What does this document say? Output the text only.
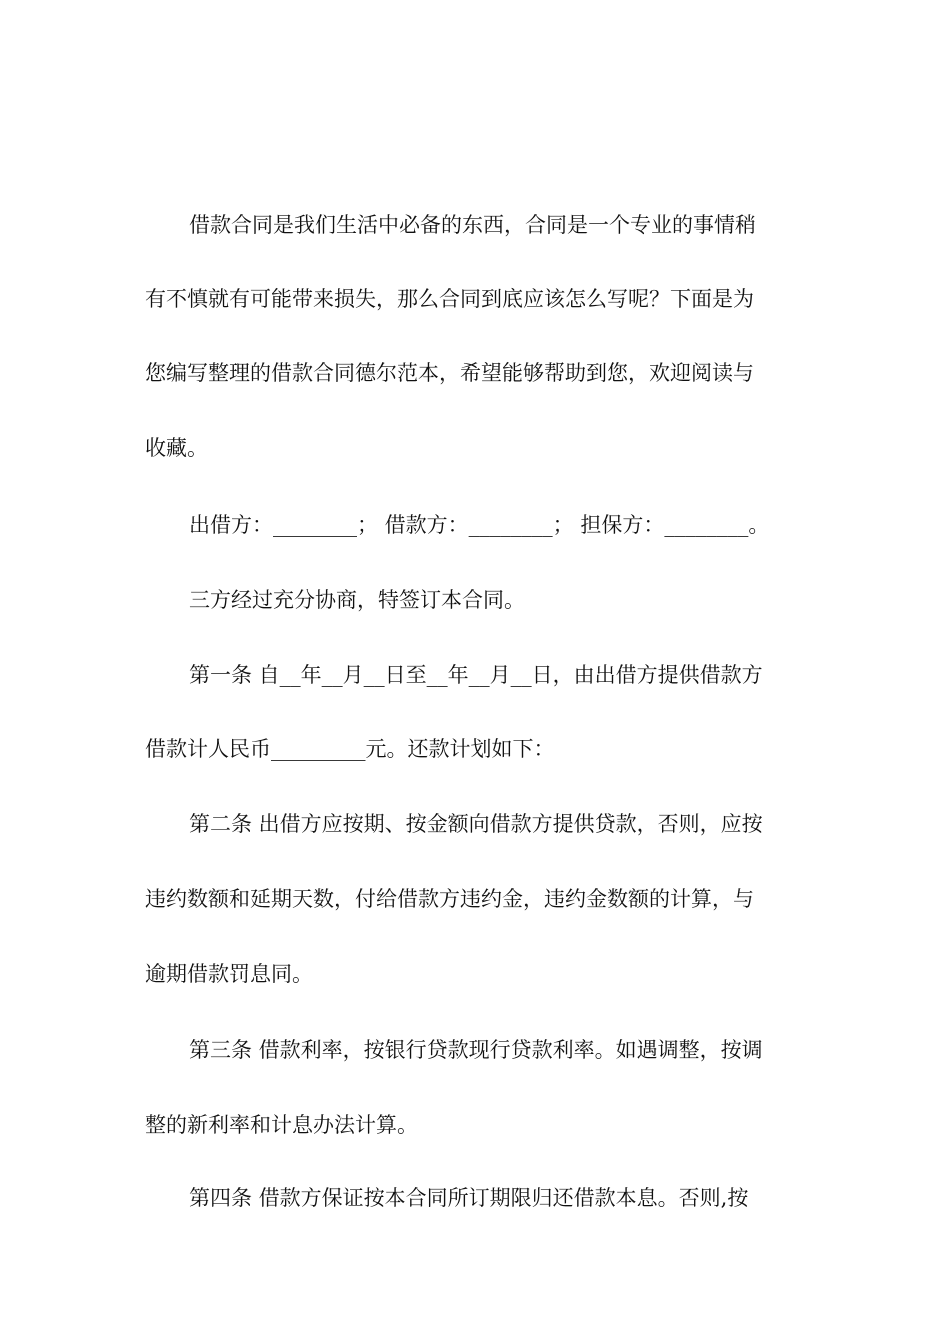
借款合同是我们生活中必备的东西，合同是一个专业的事情稍
有不慎就有可能带来损失，那么合同到底应该怎么写呢？下面是为
您编写整理的借款合同德尔范本，希望能够帮助到您，欢迎阅读与
收藏。
出借方：________； 借款方：________； 担保方：________。
三方经过充分协商，特签订本合同。
第一条 自__年__月__日至__年__月__日，由出借方提供借款方
借款计人民币_________元。还款计划如下：
第二条 出借方应按期、按金额向借款方提供贷款，否则，应按
违约数额和延期天数，付给借款方违约金，违约金数额的计算，与
逾期借款罚息同。
第三条 借款利率，按银行贷款现行贷款利率。如遇调整，按调
整的新利率和计息办法计算。
第四条 借款方保证按本合同所订期限归还借款本息。否则,按
